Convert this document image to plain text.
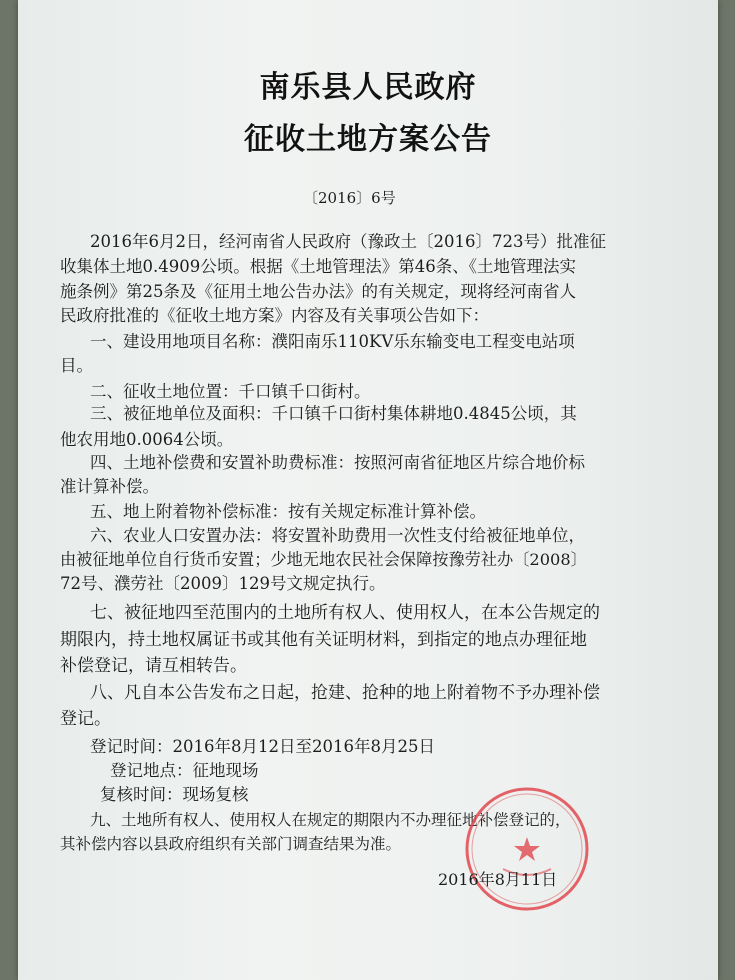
南乐县人民政府
征收土地方案公告
〔2016〕6号
2016年6月2日，经河南省人民政府（豫政土〔2016〕723号）批准征
收集体土地0.4909公顷。根据《土地管理法》第46条、《土地管理法实
施条例》第25条及《征用土地公告办法》的有关规定，现将经河南省人
民政府批准的《征收土地方案》内容及有关事项公告如下：
一、建设用地项目名称：濮阳南乐110KV乐东输变电工程变电站项
目。
二、征收土地位置：千口镇千口街村。
三、被征地单位及面积：千口镇千口街村集体耕地0.4845公顷，其
他农用地0.0064公顷。
四、土地补偿费和安置补助费标准：按照河南省征地区片综合地价标
准计算补偿。
五、地上附着物补偿标准：按有关规定标准计算补偿。
六、农业人口安置办法：将安置补助费用一次性支付给被征地单位，
由被征地单位自行货币安置；少地无地农民社会保障按豫劳社办〔2008〕
72号、濮劳社〔2009〕129号文规定执行。
七、被征地四至范围内的土地所有权人、使用权人，在本公告规定的
期限内，持土地权属证书或其他有关证明材料，到指定的地点办理征地
补偿登记，请互相转告。
八、凡自本公告发布之日起，抢建、抢种的地上附着物不予办理补偿
登记。
登记时间：2016年8月12日至2016年8月25日
登记地点：征地现场
复核时间：现场复核
九、土地所有权人、使用权人在规定的期限内不办理征地补偿登记的，
其补偿内容以县政府组织有关部门调查结果为准。
2016年8月11日
